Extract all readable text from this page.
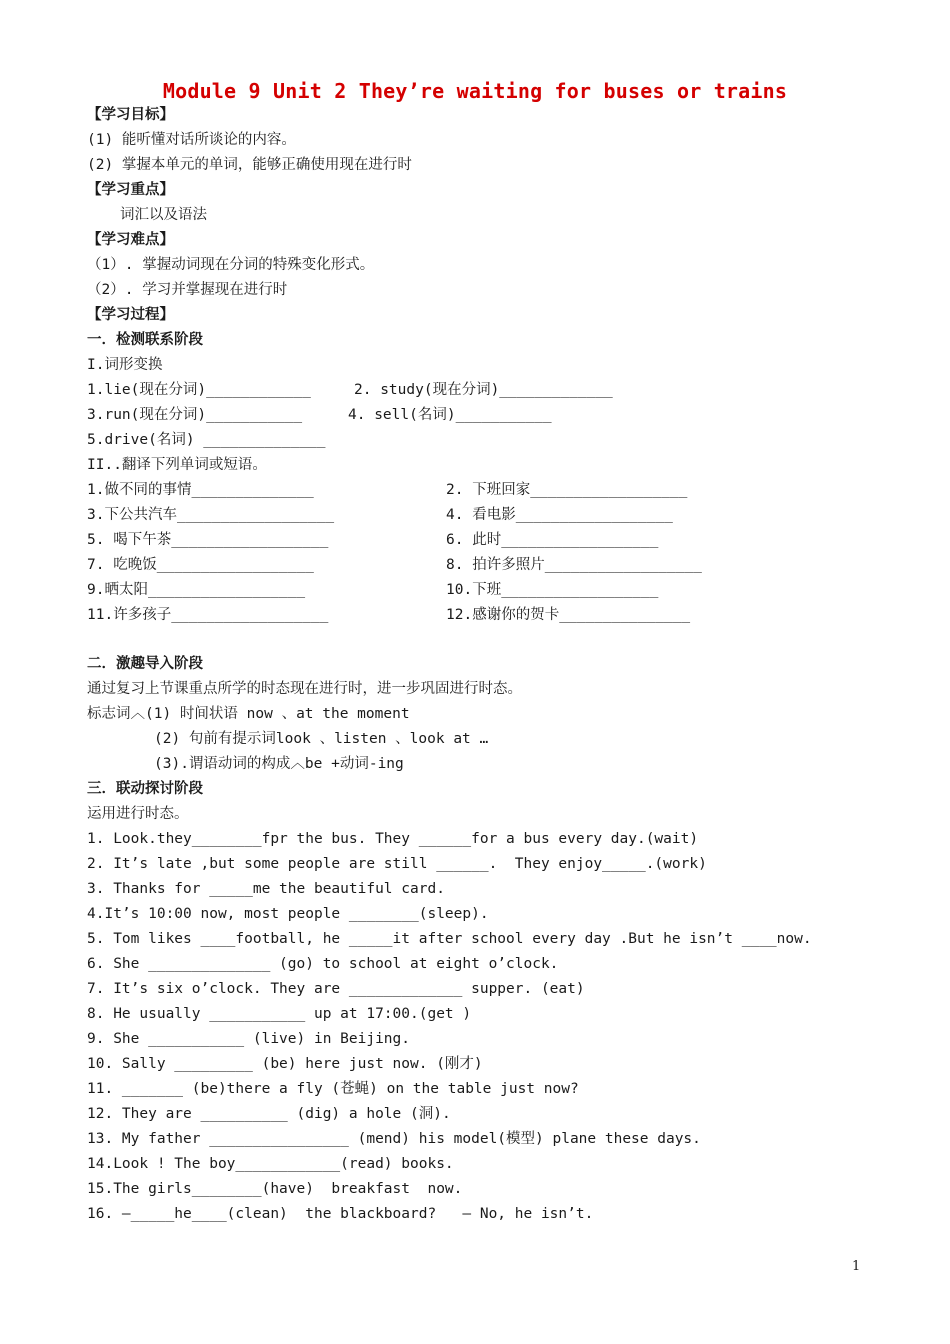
Module 9 Unit 2 They’re waiting for buses or trains
【学习目标】
(1) 能听懂对话所谈论的内容。
(2) 掌握本单元的单词，能够正确使用现在进行时
【学习重点】
词汇以及语法
【学习难点】
（1）. 掌握动词现在分词的特殊变化形式。
（2）. 学习并掌握现在进行时
【学习过程】
一．检测联系阶段
I.词形变换
1.lie(现在分词)____________	2. study(现在分词)_____________
3.run(现在分词)___________	4. sell(名词)___________
5.drive(名词) ______________
II..翻译下列单词或短语。
1.做不同的事情______________	2. 下班回家__________________
3.下公共汽车__________________	4. 看电影__________________
5. 喝下午茶__________________	6. 此时__________________
7. 吃晚饭__________________	8. 拍许多照片__________________
9.晒太阳__________________	10.下班__________________
11.许多孩子__________________	12.感谢你的贺卡_______________
二．激趣导入阶段
通过复习上节课重点所学的时态现在进行时，进一步巩固进行时态。
标志词︿(1) 时间状语 now 、at the moment
(2) 句前有提示词look 、listen 、look at …
(3).谓语动词的构成︿be +动词-ing
三．联动探讨阶段
运用进行时态。
1. Look.they________fpr the bus. They ______for a bus every day.(wait)
2. It’s late ,but some people are still ______.  They enjoy_____.(work)
3. Thanks for _____me the beautiful card.
4.It’s 10:00 now, most people ________(sleep).
5. Tom likes ____football, he _____it after school every day .But he isn’t ____now.
6. She ______________ (go) to school at eight o’clock.
7. It’s six o’clock. They are _____________ supper. (eat)
8. He usually ___________ up at 17:00.(get )
9. She ___________ (live) in Beijing.
10. Sally _________ (be) here just now. (刚才)
11. _______ (be)there a fly (苍蝇) on the table just now?
12. They are __________ (dig) a hole (洞).
13. My father ________________ (mend) his model(模型) plane these days.
14.Look ! The boy____________(read) books.
15.The girls________(have)  breakfast  now.
16. —_____he____(clean)  the blackboard?   — No, he isn’t.
1
